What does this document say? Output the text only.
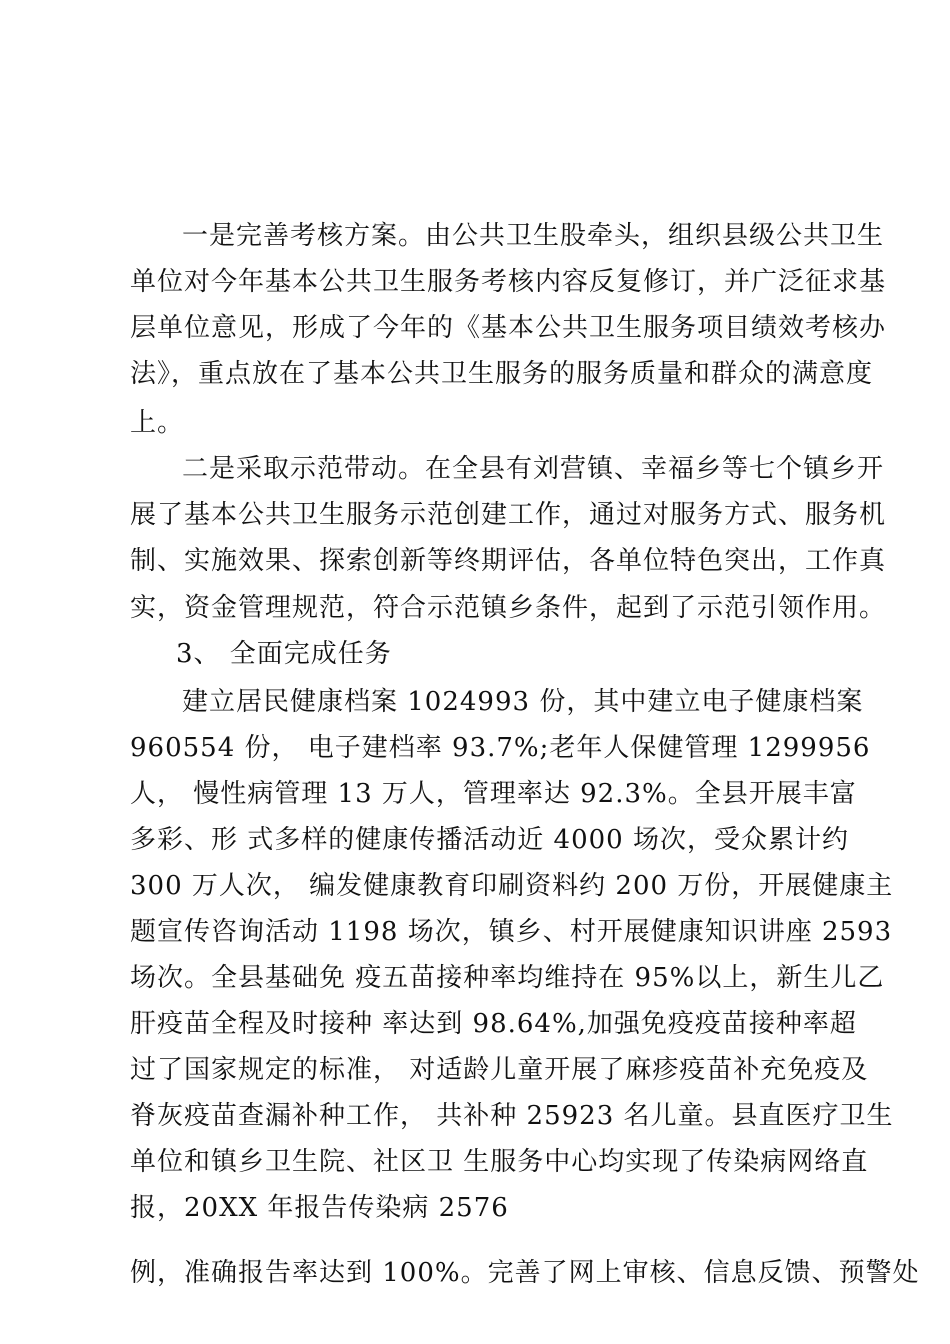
一是完善考核方案。由公共卫生股牵头，组织县级公共卫生
单位对今年基本公共卫生服务考核内容反复修订，并广泛征求基
层单位意见，形成了今年的《基本公共卫生服务项目绩效考核办
法》，重点放在了基本公共卫生服务的服务质量和群众的满意度
上。
二是采取示范带动。在全县有刘营镇、幸福乡等七个镇乡开
展了基本公共卫生服务示范创建工作，通过对服务方式、服务机
制、实施效果、探索创新等终期评估，各单位特色突出，工作真
实，资金管理规范，符合示范镇乡条件，起到了示范引领作用。
3、 全面完成任务
建立居民健康档案 1024993 份，其中建立电子健康档案
960554 份， 电子建档率 93.7%;老年人保健管理 1299956
人， 慢性病管理 13 万人，管理率达 92.3%。全县开展丰富
多彩、形 式多样的健康传播活动近 4000 场次，受众累计约
300 万人次， 编发健康教育印刷资料约 200 万份，开展健康主
题宣传咨询活动 1198 场次，镇乡、村开展健康知识讲座 2593
场次。全县基础免 疫五苗接种率均维持在 95%以上，新生儿乙
肝疫苗全程及时接种 率达到 98.64%,加强免疫疫苗接种率超
过了国家规定的标准， 对适龄儿童开展了麻疹疫苗补充免疫及
脊灰疫苗查漏补种工作， 共补种 25923 名儿童。县直医疗卫生
单位和镇乡卫生院、社区卫 生服务中心均实现了传染病网络直
报，20XX 年报告传染病 2576
例，准确报告率达到 100%。完善了网上审核、信息反馈、预警处
